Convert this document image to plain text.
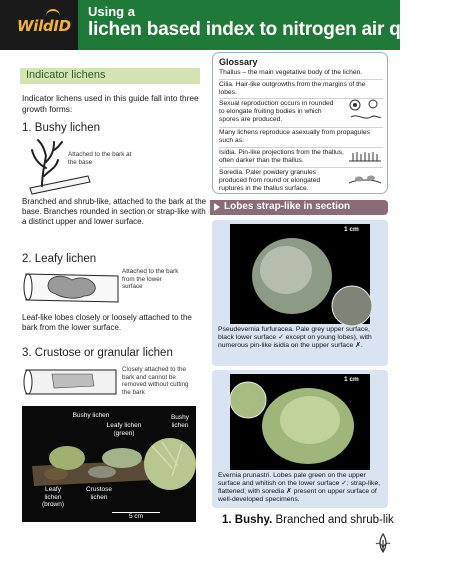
WildID
Using a
lichen based index to nitrogen air quality
Indicator lichens
Indicator lichens used in this guide fall into three growth forms:
1. Bushy lichen
Attached to the bark at the base
Branched and shrub-like, attached to the bark at the base. Branches rounded in section or strap-like with a distinct upper and lower surface.
2. Leafy lichen
Attached to the bark from the lower surface
Leaf-like lobes closely or loosely attached to the bark from the lower surface.
3. Crustose or granular lichen
Closely attached to the bark and cannot be removed without cutting the bark
Bushy lichen
Leafy lichen (green)
Bushy lichen
Leafy lichen (brown)
Crustose lichen
5 cm
Glossary
Thallus – the main vegetative body of the lichen.
Cilia. Hair-like outgrowths from the margins of the lobes.
Sexual reproduction occurs in rounded to elongate fruiting bodies in which spores are produced.
Many lichens reproduce asexually from propagules such as:
Isidia. Pin-like projections from the thallus, often darker than the thallus.
Soredia. Paler powdery granules produced from round or elongated ruptures in the thallus surface.
Lobes strap-like in section
1 cm
Pseudevernia furfuracea. Pale grey upper surface, black lower surface ✓ except on young lobes), with numerous pin-like isidia on the upper surface ✗.
1 cm
Evernia prunastri. Lobes pale green on the upper surface and whitish on the lower surface ✓; strap-like, flattened; with soredia ✗ present on upper surface of well-developed specimens.
1. Bushy. Branched and shrub-lik
